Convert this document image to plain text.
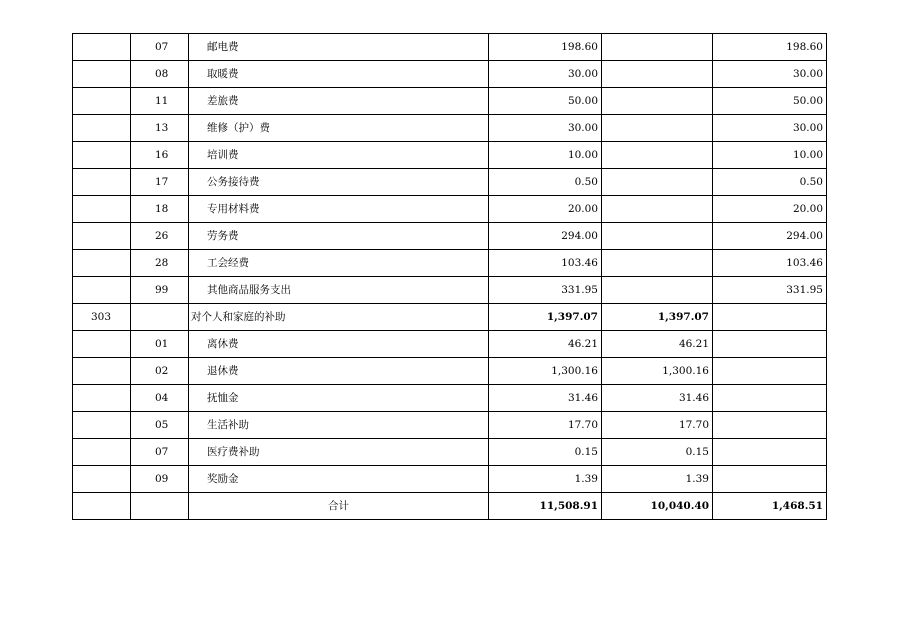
	07	邮电费	198.60		198.60
	08	取暖费	30.00		30.00
	11	差旅费	50.00		50.00
	13	维修（护）费	30.00		30.00
	16	培训费	10.00		10.00
	17	公务接待费	0.50		0.50
	18	专用材料费	20.00		20.00
	26	劳务费	294.00		294.00
	28	工会经费	103.46		103.46
	99	其他商品服务支出	331.95		331.95
303		对个人和家庭的补助	1,397.07	1,397.07	
	01	离休费	46.21	46.21	
	02	退休费	1,300.16	1,300.16	
	04	抚恤金	31.46	31.46	
	05	生活补助	17.70	17.70	
	07	医疗费补助	0.15	0.15	
	09	奖励金	1.39	1.39	
		合计	11,508.91	10,040.40	1,468.51
